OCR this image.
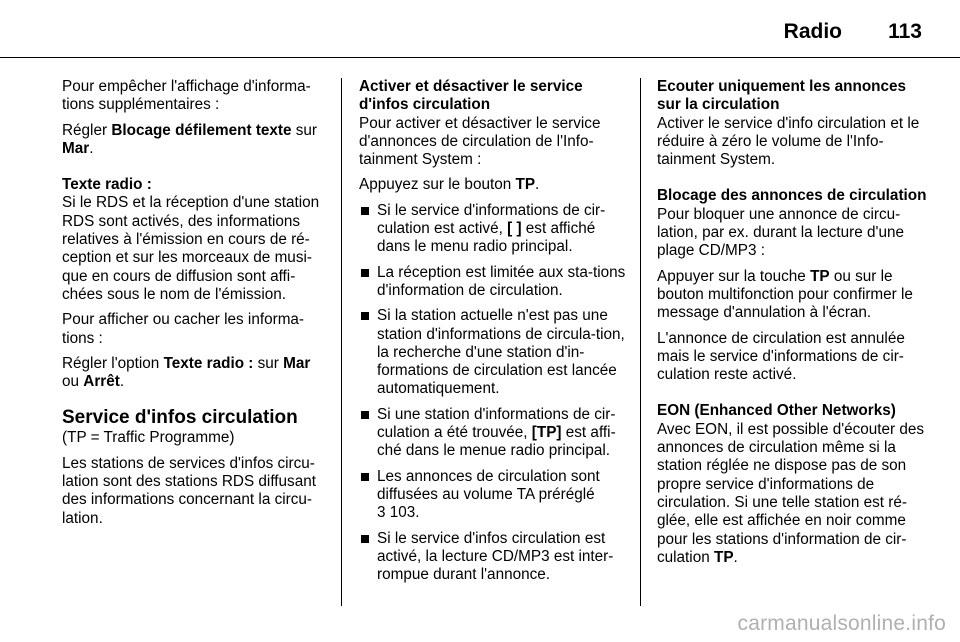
Radio 113

Pour empêcher l'affichage d'informa-tions supplémentaires :

Régler Blocage défilement texte sur Mar.

Texte radio :

Si le RDS et la réception d'une station RDS sont activés, des informations relatives à l'émission en cours de ré-ception et sur les morceaux de musi-que en cours de diffusion sont affi-chées sous le nom de l'émission.

Pour afficher ou cacher les informa-tions :

Régler l'option Texte radio : sur Mar ou Arrêt.

Service d'infos circulation

(TP = Traffic Programme)

Les stations de services d'infos circu-lation sont des stations RDS diffusant des informations concernant la circu-lation.

Activer et désactiver le service d'infos circulation

Pour activer et désactiver le service d'annonces de circulation de l'Info-tainment System :

Appuyez sur le bouton TP.

Si le service d'informations de cir-culation est activé, [ ] est affiché dans le menu radio principal.
La réception est limitée aux sta-tions d'information de circulation.
Si la station actuelle n'est pas une station d'informations de circula-tion, la recherche d'une station d'in-formations de circulation est lancée automatiquement.
Si une station d'informations de cir-culation a été trouvée, [TP] est affi-ché dans le menue radio principal.
Les annonces de circulation sont diffusées au volume TA préréglé
3 103.
Si le service d'infos circulation est activé, la lecture CD/MP3 est inter-rompue durant l'annonce.
Ecouter uniquement les annonces sur la circulation

Activer le service d'info circulation et le réduire à zéro le volume de l'Info-tainment System.

Blocage des annonces de circulation

Pour bloquer une annonce de circu-lation, par ex. durant la lecture d'une plage CD/MP3 :

Appuyer sur la touche TP ou sur le bouton multifonction pour confirmer le message d'annulation à l'écran.

L'annonce de circulation est annulée mais le service d'informations de cir-culation reste activé.

EON (Enhanced Other Networks)

Avec EON, il est possible d'écouter des annonces de circulation même si la station réglée ne dispose pas de son propre service d'informations de circulation. Si une telle station est ré-glée, elle est affichée en noir comme pour les stations d'information de cir-culation TP.

carmanualsonline.info
